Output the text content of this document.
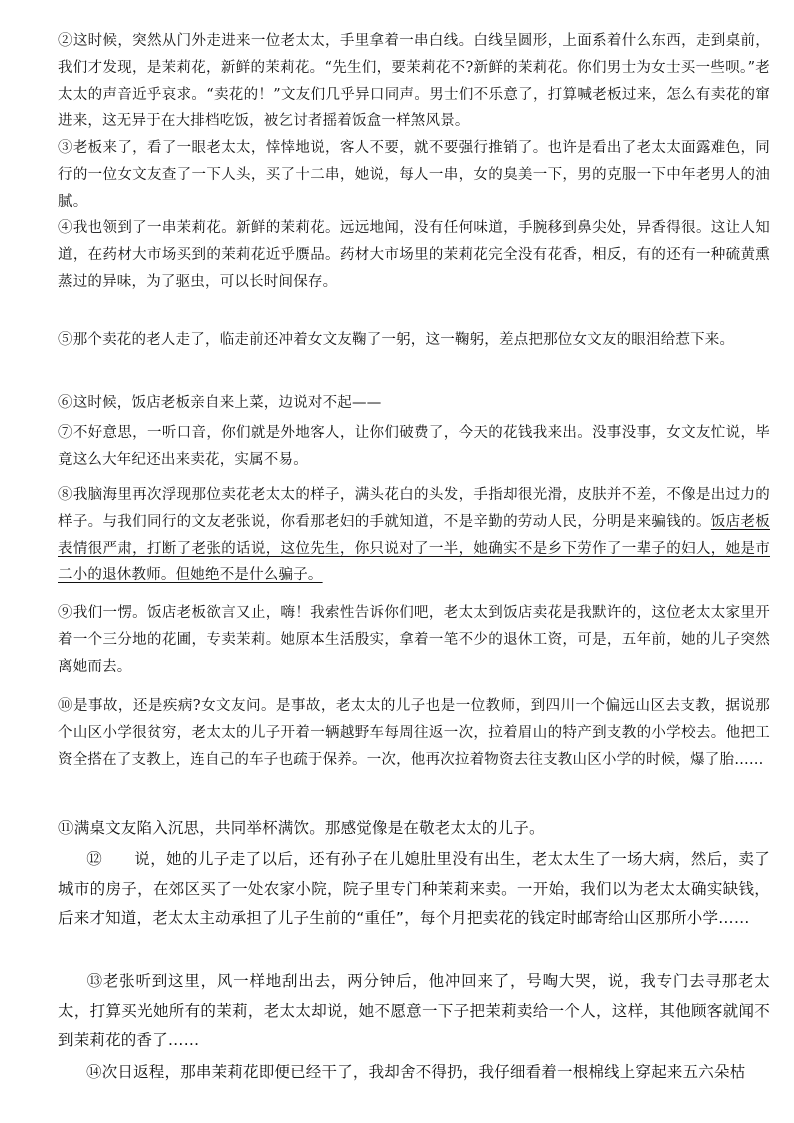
②这时候，突然从门外走进来一位老太太，手里拿着一串白线。白线呈圆形，上面系着什么东西，走到桌前，我们才发现，是茉莉花，新鲜的茉莉花。“先生们，要茉莉花不?新鲜的茉莉花。你们男士为女士买一些呗。”老太太的声音近乎哀求。“卖花的！”文友们几乎异口同声。男士们不乐意了，打算喊老板过来，怎么有卖花的窜进来，这无异于在大排档吃饭，被乞讨者摇着饭盒一样煞风景。
③老板来了，看了一眼老太太，悻悻地说，客人不要，就不要强行推销了。也许是看出了老太太面露难色，同行的一位女文友查了一下人头，买了十二串，她说，每人一串，女的臭美一下，男的克服一下中年老男人的油腻。
④我也领到了一串茉莉花。新鲜的茉莉花。远远地闻，没有任何味道，手腕移到鼻尖处，异香得很。这让人知道，在药材大市场买到的茉莉花近乎赝品。药材大市场里的茉莉花完全没有花香，相反，有的还有一种硫黄熏蒸过的异味，为了驱虫，可以长时间保存。
⑤那个卖花的老人走了，临走前还冲着女文友鞠了一躬，这一鞠躬，差点把那位女文友的眼泪给惹下来。
⑥这时候，饭店老板亲自来上菜，边说对不起——
⑦不好意思，一听口音，你们就是外地客人，让你们破费了，今天的花钱我来出。没事没事，女文友忙说，毕竟这么大年纪还出来卖花，实属不易。
⑧我脑海里再次浮现那位卖花老太太的样子，满头花白的头发，手指却很光滑，皮肤并不差，不像是出过力的样子。与我们同行的文友老张说，你看那老妇的手就知道，不是辛勤的劳动人民，分明是来骗钱的。饭店老板表情很严肃，打断了老张的话说，这位先生，你只说对了一半，她确实不是乡下劳作了一辈子的妇人，她是市二小的退休教师。但她绝不是什么骗子。
⑨我们一愣。饭店老板欲言又止，嗨！我索性告诉你们吧，老太太到饭店卖花是我默许的，这位老太太家里开着一个三分地的花圃，专卖茉莉。她原本生活殷实，拿着一笔不少的退休工资，可是，五年前，她的儿子突然离她而去。
⑩是事故，还是疾病?女文友问。是事故，老太太的儿子也是一位教师，到四川一个偏远山区去支教，据说那个山区小学很贫穷，老太太的儿子开着一辆越野车每周往返一次，拉着眉山的特产到支教的小学校去。他把工资全搭在了支教上，连自己的车子也疏于保养。一次，他再次拉着物资去往支教山区小学的时候，爆了胎……
⑪满桌文友陷入沉思，共同举杯满饮。那感觉像是在敬老太太的儿子。
⑫ 说，她的儿子走了以后，还有孙子在儿媳肚里没有出生，老太太生了一场大病，然后，卖了城市的房子，在郊区买了一处农家小院，院子里专门种茉莉来卖。一开始，我们以为老太太确实缺钱，后来才知道，老太太主动承担了儿子生前的“重任”，每个月把卖花的钱定时邮寄给山区那所小学……
⑬老张听到这里，风一样地刮出去，两分钟后，他冲回来了，号啕大哭，说，我专门去寻那老太太，打算买光她所有的茉莉，老太太却说，她不愿意一下子把茉莉卖给一个人，这样，其他顾客就闻不到茉莉花的香了……
⑭次日返程，那串茉莉花即便已经干了，我却舍不得扔，我仔细看着一根棉线上穿起来五六朵枯
